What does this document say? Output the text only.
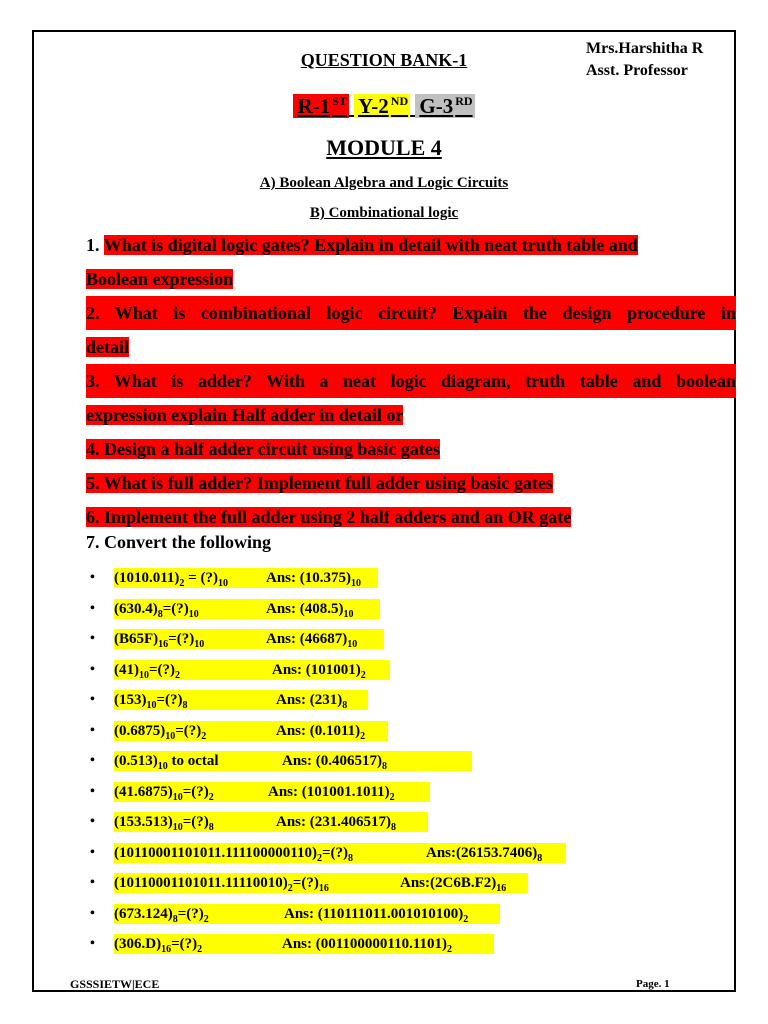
Mrs.Harshitha R
Asst. Professor
QUESTION BANK-1
R-1 $^{ST}$ Y-2 $^{ND}$ G-3 $^{RD}$
MODULE 4
A) Boolean Algebra and Logic Circuits
B) Combinational logic
1. What is digital logic gates? Explain in detail with neat truth table and
Boolean expression
2. What is combinational logic circuit? Expain the design procedure in
detail
3. What is adder? With a neat logic diagram, truth table and boolean
expression explain Half adder in detail or
4. Design a half adder circuit using basic gates
5. What is full adder? Implement full adder using basic gates
6. Implement the full adder using 2 half adders and an OR gate
7. Convert the following
• $(1010.011)_2$ = $(?)_{10}$	Ans: $(10.375)_{10}$
• $(630.4)_8=(?)_{10}$	Ans: $(408.5)_{10}$
• $(B65F)_{16}=(?)_{10}$	Ans: $(46687)_{10}$
• $(41)_{10}=(?)_2$	Ans: $(101001)_2$
• $(153)_{10}=(?)_8$	Ans: $(231)_8$
• $(0.6875)_{10}=(?)_2$	Ans: $(0.1011)_2$
• $(0.513)_{10}$ to octal	Ans: $(0.406517)_8$
• $(41.6875)_{10}=(?)_2$	Ans: $(101001.1011)_2$
• $(153.513)_{10}=(?)_8$	Ans: $(231.406517)_8$
• $(10110001101011.111100000110)_2=(?)_8$	$Ans:(26153.7406)_8$
• $(10110001101011.11110010)_2=(?)_{16}$	$Ans:(2C6B.F2)_{16}$
• $(673.124)_8=(?)_2$	Ans: $(110111011.001010100)_2$
• $(306.D)_{16}=(?)_2$	Ans: $(001100000110.1101)_2$
GSSSIETW|ECE	Page. 1
